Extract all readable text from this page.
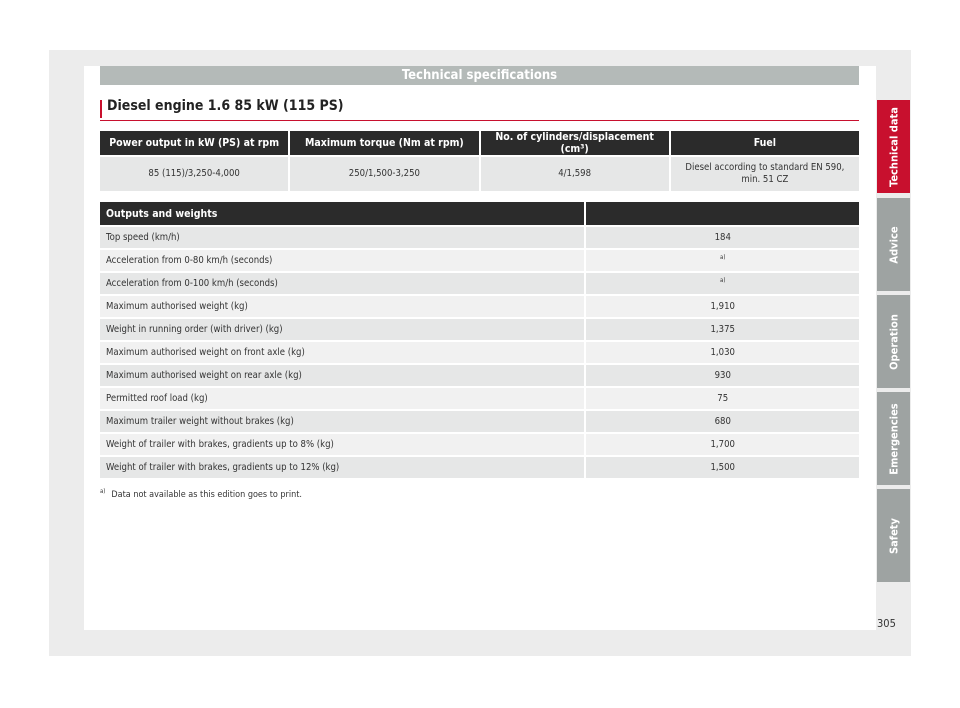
Technical specifications
Diesel engine 1.6 85 kW (115 PS)
Power output in kW (PS) at rpm	Maximum torque (Nm at rpm)	No. of cylinders/displacement (cm³)	Fuel
85 (115)/3,250-4,000	250/1,500-3,250	4/1,598	Diesel according to standard EN 590, min. 51 CZ
Outputs and weights	
Top speed (km/h)	184
Acceleration from 0-80 km/h (seconds)	$^{a)}$
Acceleration from 0-100 km/h (seconds)	$^{a)}$
Maximum authorised weight (kg)	1,910
Weight in running order (with driver) (kg)	1,375
Maximum authorised weight on front axle (kg)	1,030
Maximum authorised weight on rear axle (kg)	930
Permitted roof load (kg)	75
Maximum trailer weight without brakes (kg)	680
Weight of trailer with brakes, gradients up to 8% (kg)	1,700
Weight of trailer with brakes, gradients up to 12% (kg)	1,500
$^{a)}$ Data not available as this edition goes to print.
Technical data
Advice
Operation
Emergencies
Safety
305
